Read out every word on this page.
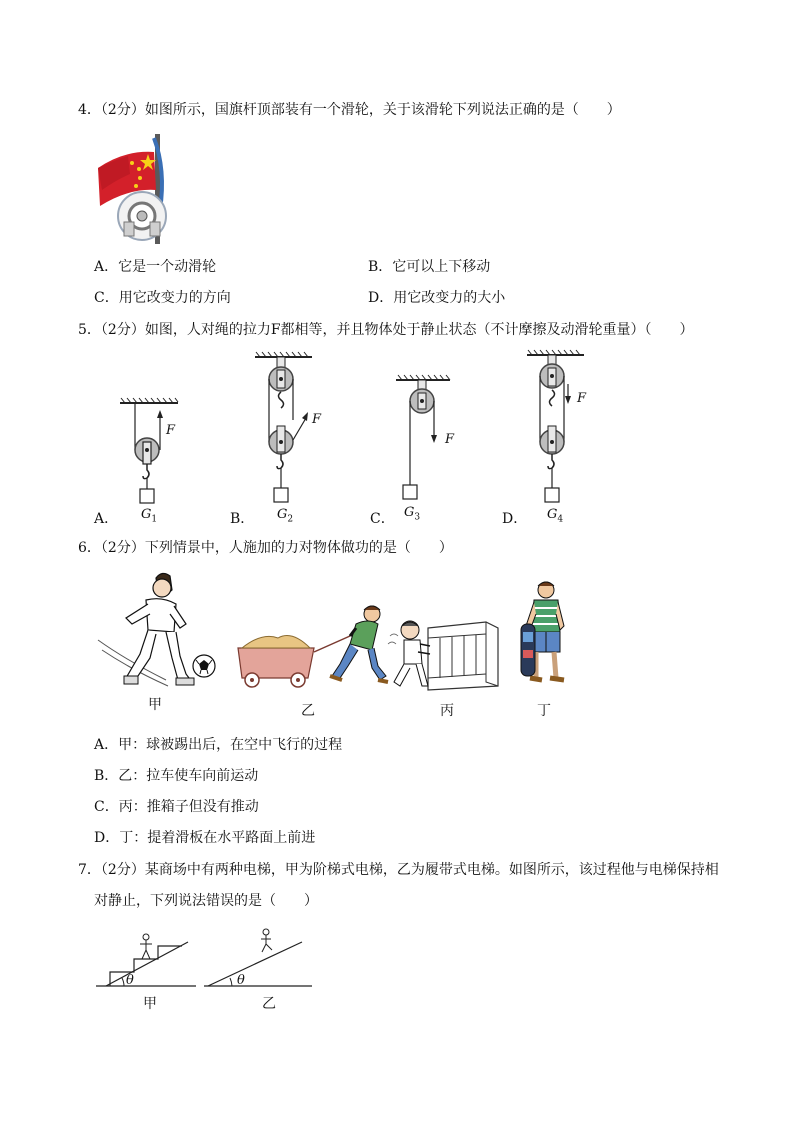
4．（2分）如图所示，国旗杆顶部装有一个滑轮，关于该滑轮下列说法正确的是（　　）
A．它是一个动滑轮	B．它可以上下移动
C．用它改变力的方向	D．用它改变力的大小
5．（2分）如图，人对绳的拉力F都相等，并且物体处于静止状态（不计摩擦及动滑轮重量）（　　）
F
$G_1$
A．
F
$G_2$
B．
F
$G_3$
C．
F
$G_4$
D．
6．（2分）下列情景中，人施加的力对物体做功的是（　　）
甲	乙	丙	丁
A．甲：球被踢出后，在空中飞行的过程
B．乙：拉车使车向前运动
C．丙：推箱子但没有推动
D．丁：提着滑板在水平路面上前进
7．（2分）某商场中有两种电梯，甲为阶梯式电梯，乙为履带式电梯。如图所示，该过程他与电梯保持相
对静止，下列说法错误的是（　　）
θ
甲
θ
乙
